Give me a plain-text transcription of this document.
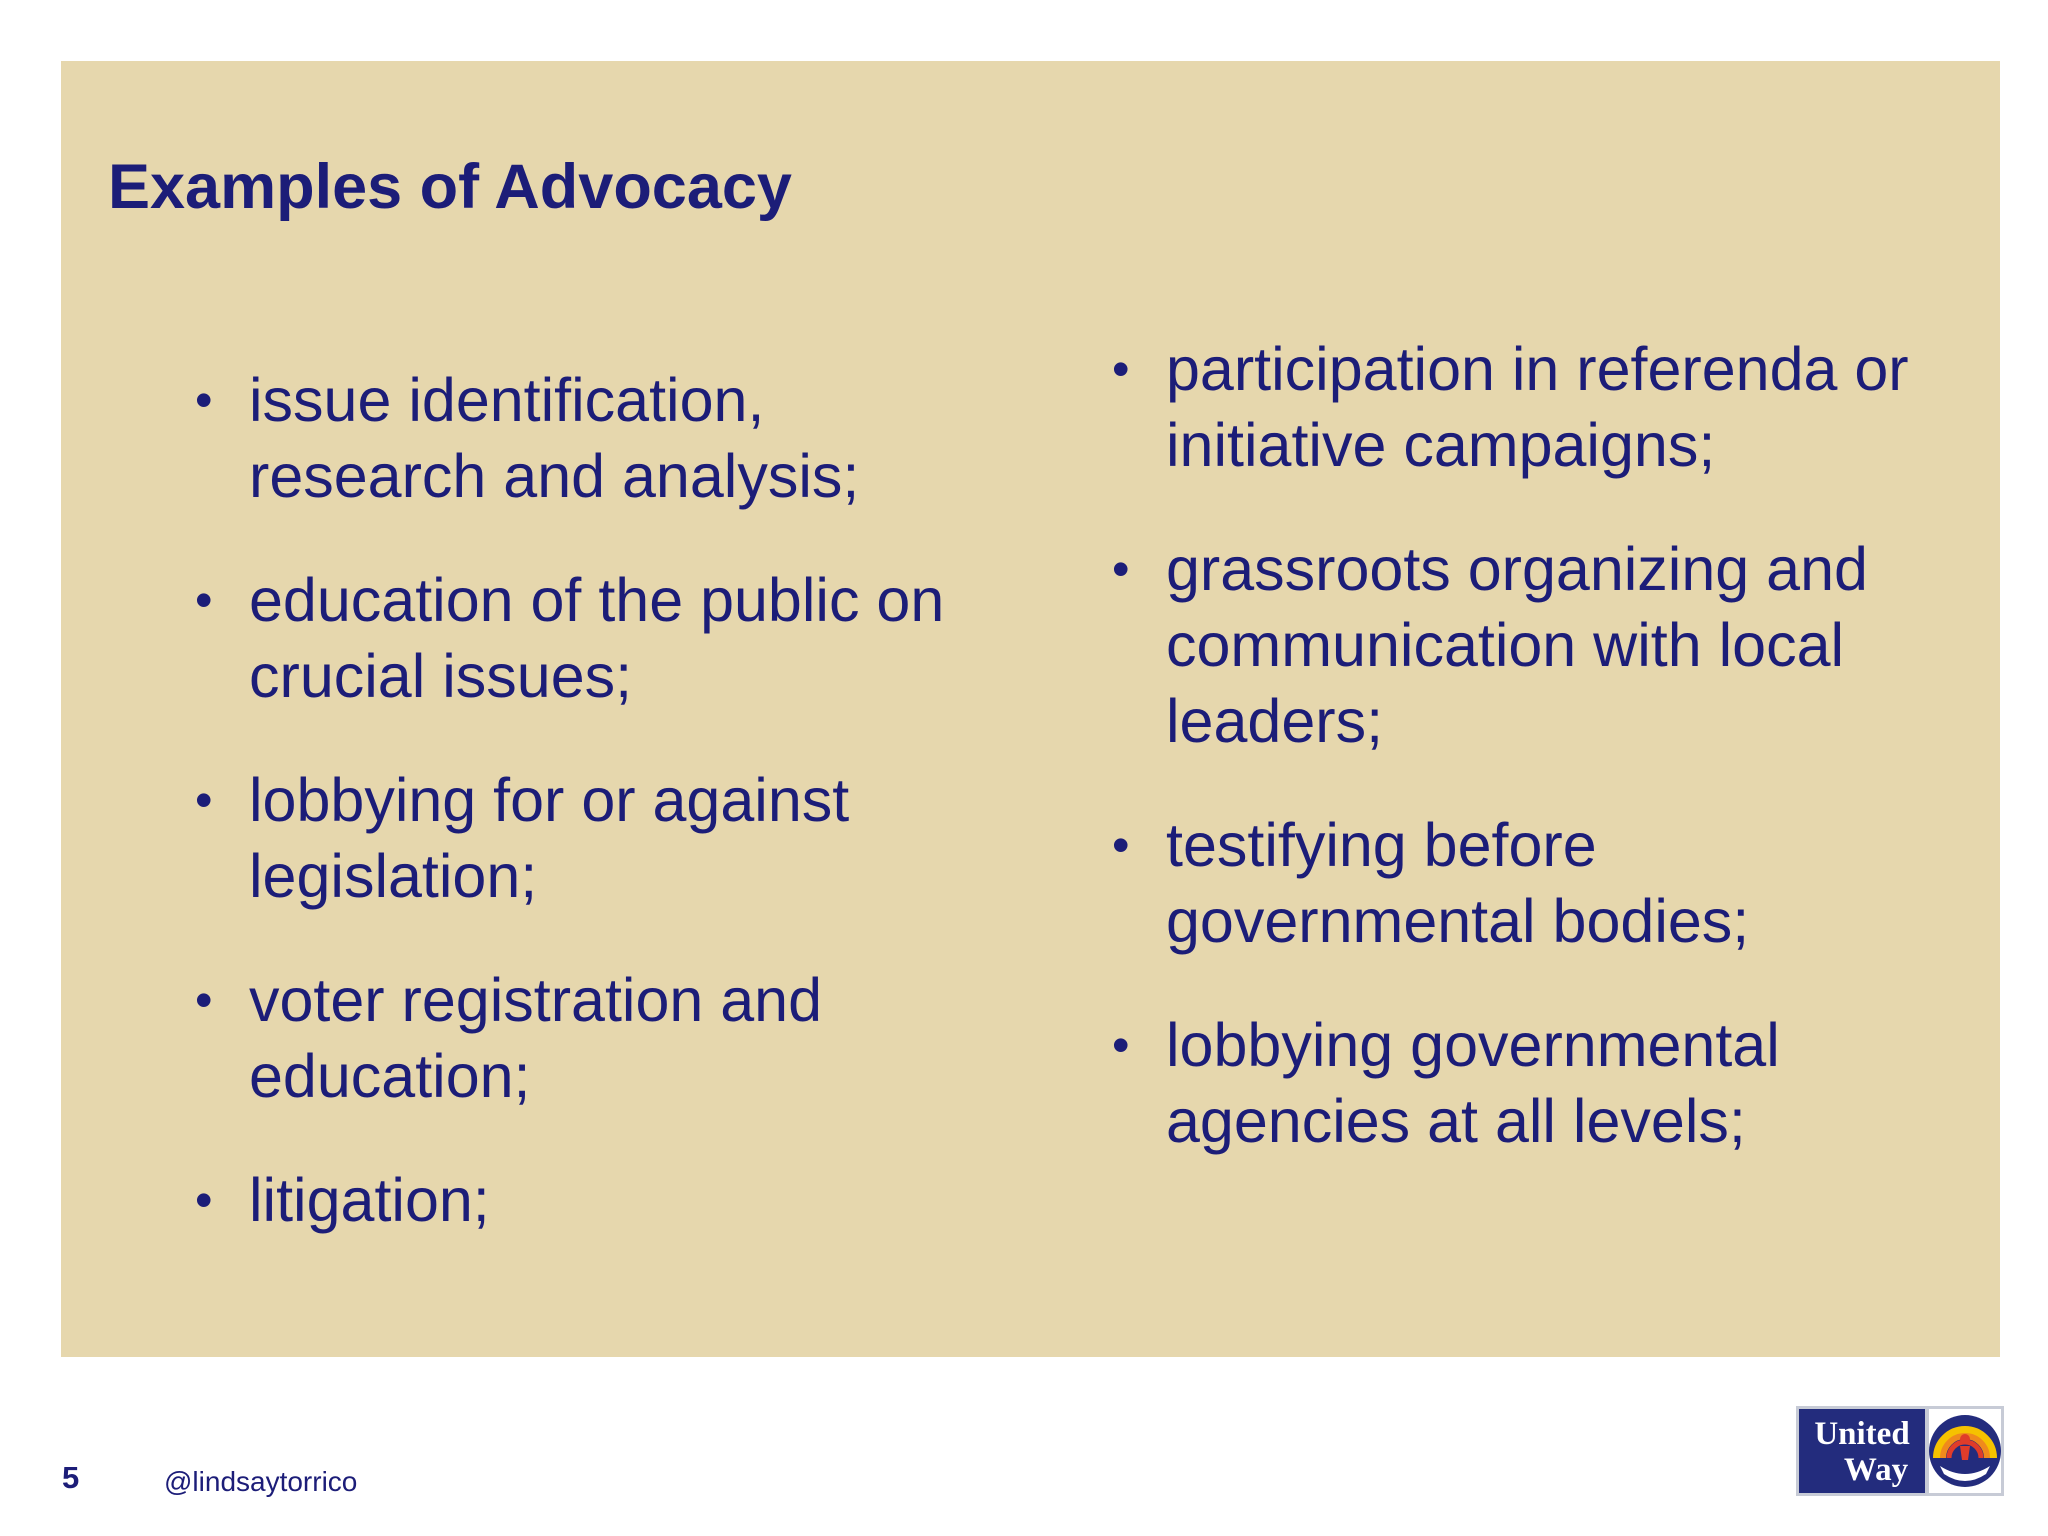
Examples of Advocacy
• issue identification, research and analysis;
• education of the public on crucial issues;
• lobbying for or against legislation;
• voter registration and education;
• litigation;
• participation in referenda or initiative campaigns;
• grassroots organizing and communication with local leaders;
• testifying before governmental bodies;
• lobbying governmental agencies at all levels;
5	@lindsaytorrico
United
Way
